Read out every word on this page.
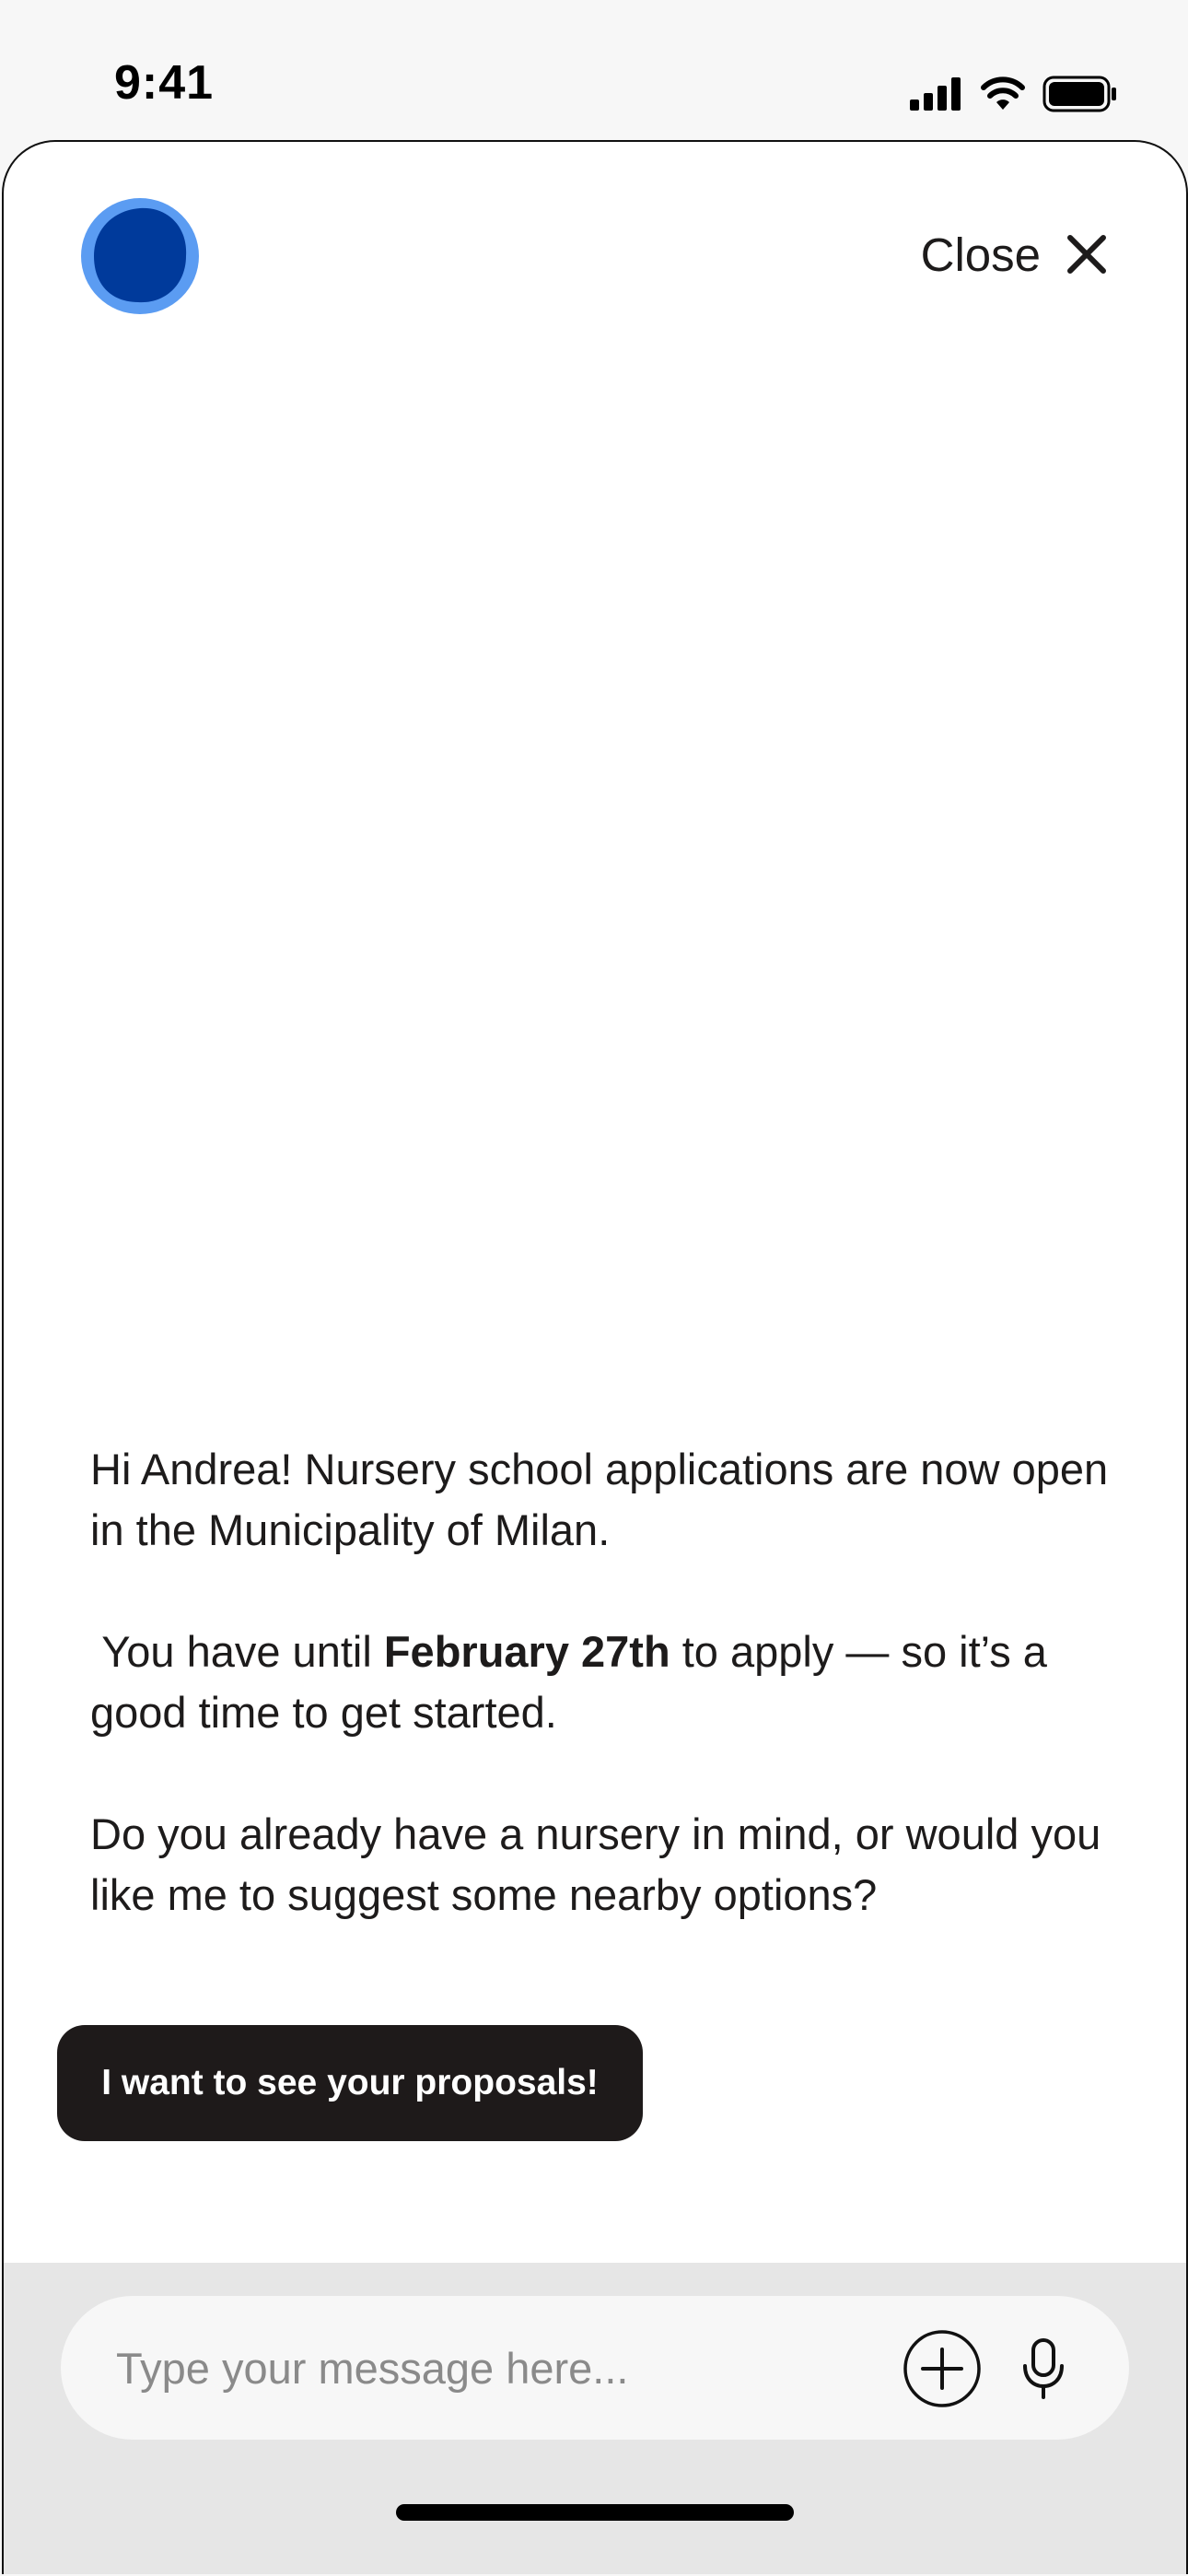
9:41
Close

Hi Andrea! Nursery school applications are now open in the Municipality of Milan.

You have until February 27th to apply — so it’s a good time to get started.

Do you already have a nursery in mind, or would you like me to suggest some nearby options?

I want to see your proposals!
Type your message here...
